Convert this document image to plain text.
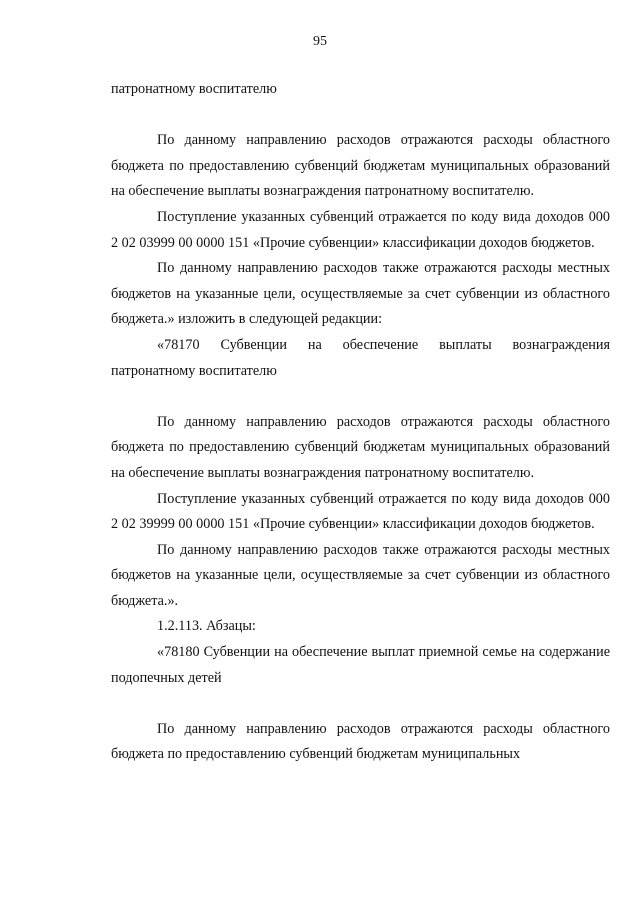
95

патронатному воспитателю

По данному направлению расходов отражаются расходы областного бюджета по предоставлению субвенций бюджетам муниципальных образований на обеспечение выплаты вознаграждения патронатному воспитателю.

Поступление указанных субвенций отражается по коду вида доходов 000 2 02 03999 00 0000 151 «Прочие субвенции» классификации доходов бюджетов.

По данному направлению расходов также отражаются расходы местных бюджетов на указанные цели, осуществляемые за счет субвенции из областного бюджета.» изложить в следующей редакции:

«78170 Субвенции на обеспечение выплаты вознаграждения патронатному воспитателю

По данному направлению расходов отражаются расходы областного бюджета по предоставлению субвенций бюджетам муниципальных образований на обеспечение выплаты вознаграждения патронатному воспитателю.

Поступление указанных субвенций отражается по коду вида доходов 000 2 02 39999 00 0000 151 «Прочие субвенции» классификации доходов бюджетов.

По данному направлению расходов также отражаются расходы местных бюджетов на указанные цели, осуществляемые за счет субвенции из областного бюджета.».

1.2.113. Абзацы:

«78180 Субвенции на обеспечение выплат приемной семье на содержание подопечных детей

По данному направлению расходов отражаются расходы областного бюджета по предоставлению субвенций бюджетам муниципальных
